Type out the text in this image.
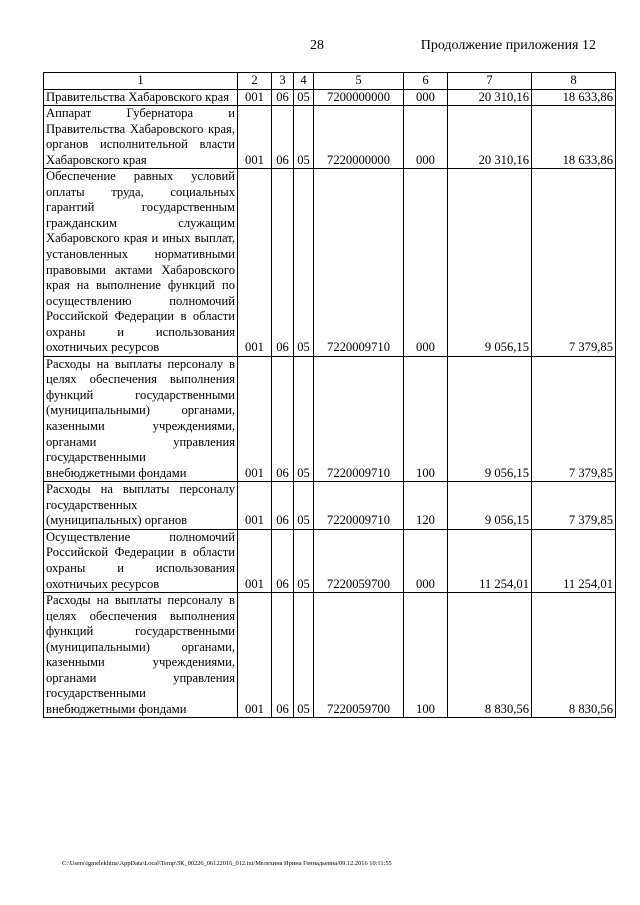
28	Продолжение приложения 12
1	2	3	4	5	6	7	8
Правительства Хабаровского края	001	06	05	7200000000	000	20 310,16	18 633,86
Аппарат Губернатора и Правительства Хабаровского края, органов исполнительной власти Хабаровского края	001	06	05	7220000000	000	20 310,16	18 633,86
Обеспечение равных условий оплаты труда, социальных гарантий государственным гражданским служащим Хабаровского края и иных выплат, установленных нормативными правовыми актами Хабаровского края на выполнение функций по осуществлению полномочий Российской Федерации в области охраны и использования охотничьих ресурсов	001	06	05	7220009710	000	9 056,15	7 379,85
Расходы на выплаты персоналу в целях обеспечения выполнения функций государственными (муниципальными) органами, казенными учреждениями, органами управления государственными внебюджетными фондами	001	06	05	7220009710	100	9 056,15	7 379,85
Расходы на выплаты персоналу государственных (муниципальных) органов	001	06	05	7220009710	120	9 056,15	7 379,85
Осуществление полномочий Российской Федерации в области охраны и использования охотничьих ресурсов	001	06	05	7220059700	000	11 254,01	11 254,01
Расходы на выплаты персоналу в целях обеспечения выполнения функций государственными (муниципальными) органами, казенными учреждениями, органами управления государственными внебюджетными фондами	001	06	05	7220059700	100	8 830,56	8 830,56
C:\Users\igmelekhina\AppData\Local\Temp\ЗК_00226_06122016_012.txt/Мелехина Ирина Геннадьевна/09.12.2016 10:11:55
